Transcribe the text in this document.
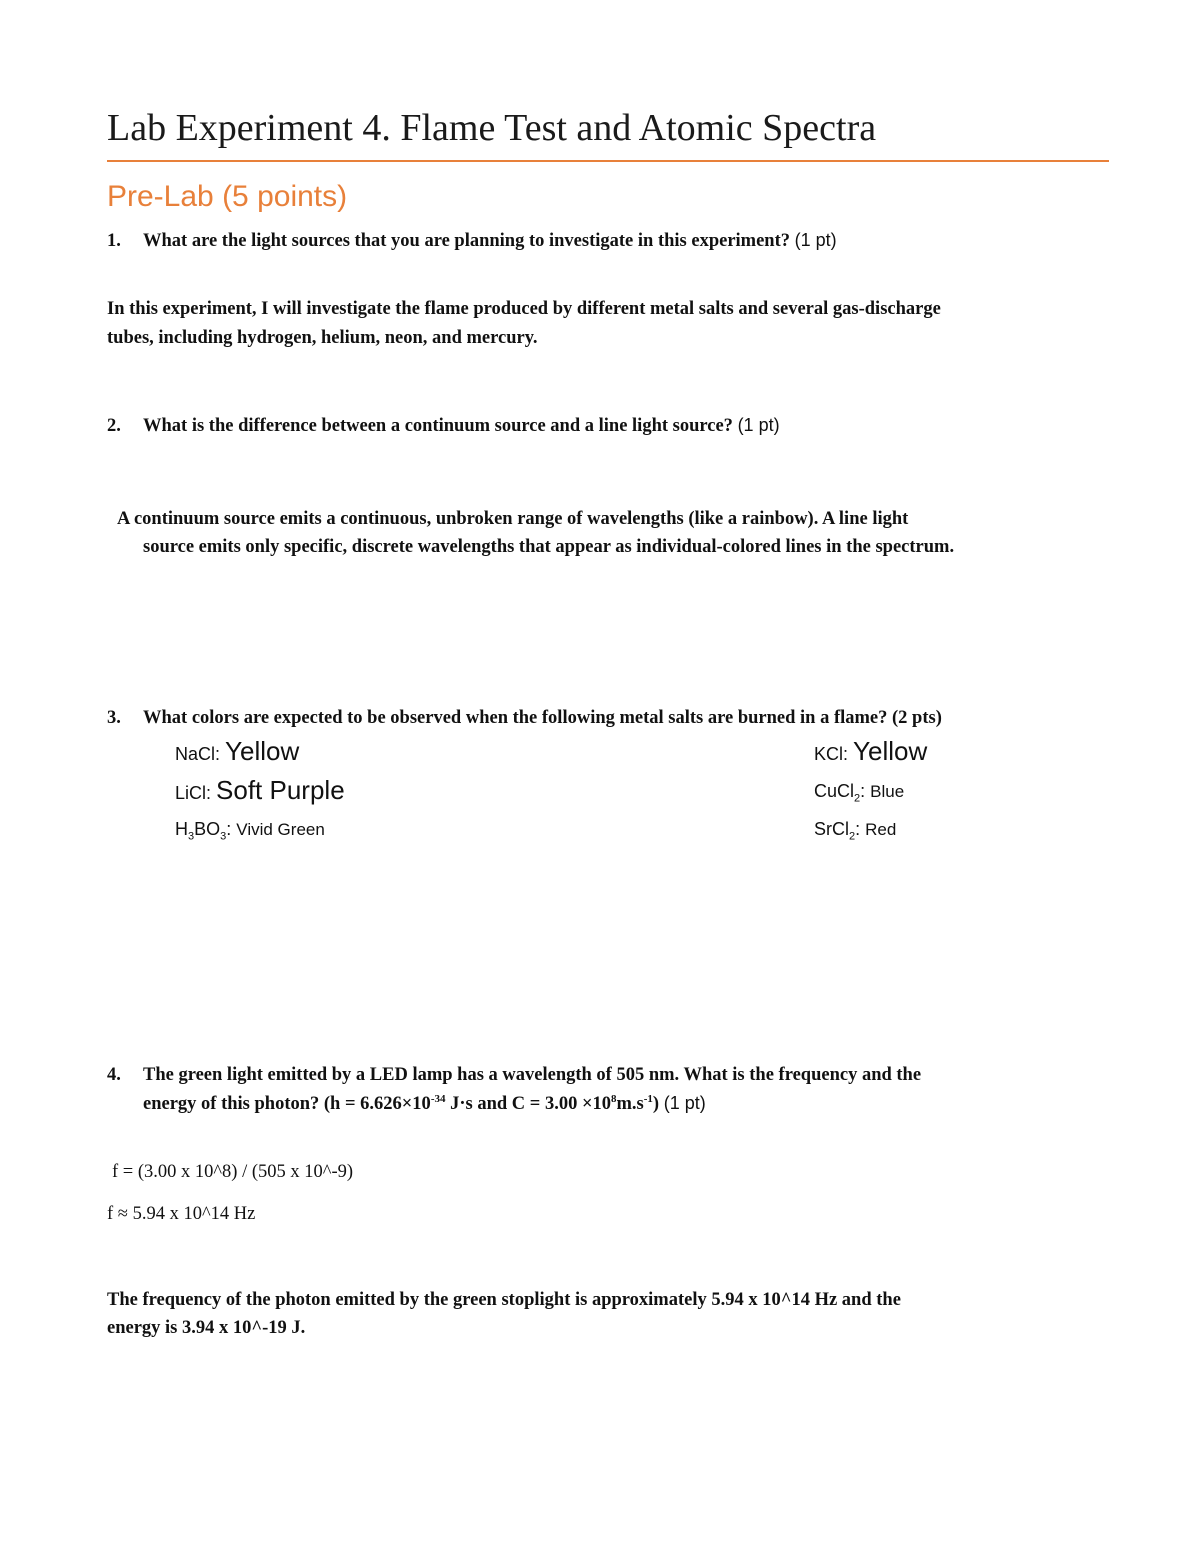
Lab Experiment 4. Flame Test and Atomic Spectra
Pre-Lab (5 points)
1. What are the light sources that you are planning to investigate in this experiment? (1 pt)
In this experiment, I will investigate the flame produced by different metal salts and several gas-discharge
tubes, including hydrogen, helium, neon, and mercury.
2. What is the difference between a continuum source and a line light source? (1 pt)
A continuum source emits a continuous, unbroken range of wavelengths (like a rainbow). A line light
source emits only specific, discrete wavelengths that appear as individual-colored lines in the spectrum.
3. What colors are expected to be observed when the following metal salts are burned in a flame? (2 pts)
NaCl: Yellow	KCl: Yellow
LiCl: Soft Purple	CuCl$_2$: Blue
$H_3BO_3$: Vivid Green	SrCl$_2$: Red
4. The green light emitted by a LED lamp has a wavelength of 505 nm. What is the frequency and the
energy of this photon? ($h = 6.626\times 10^{-34}$ J·s and $C = 3.00 \times 10^8m.s^{-1}$) (1 pt)
f = (3.00 x 10^8) / (505 x 10^-9)
f ≈ 5.94 x 10^14 Hz
The frequency of the photon emitted by the green stoplight is approximately 5.94 x 10^14 Hz and the
energy is 3.94 x 10^-19 J.
